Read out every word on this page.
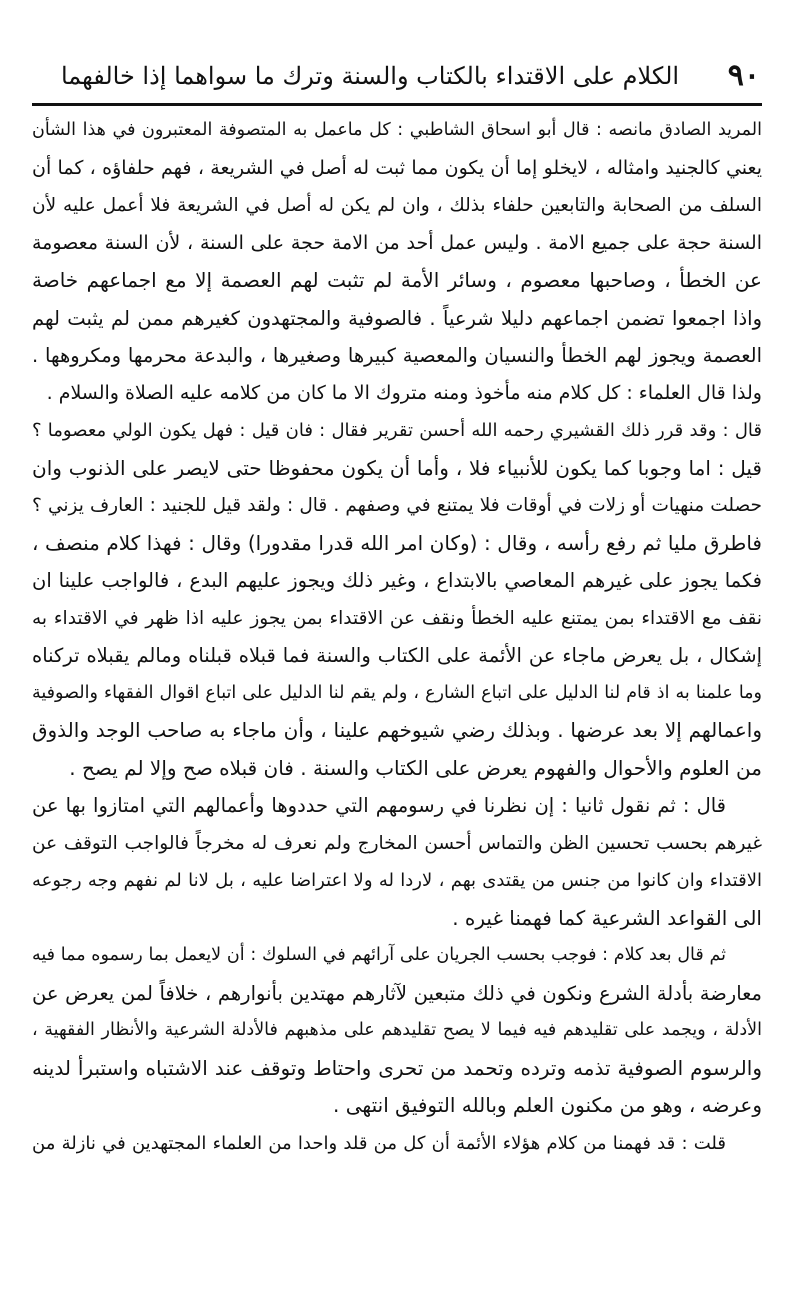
٩٠
الكلام على الاقتداء بالكتاب والسنة وترك ما سواهما إذا خالفهما
المريد الصادق مانصه : قال أبو اسحاق الشاطبي : كل ماعمل به المتصوفة المعتبرون في هذا الشأن
يعني كالجنيد وامثاله ، لايخلو إما أن يكون مما ثبت له أصل في الشريعة ، فهم حلفاؤه ، كما أن
السلف من الصحابة والتابعين حلفاء بذلك ، وان لم يكن له أصل في الشريعة فلا أعمل عليه لأن
السنة حجة على جميع الامة . وليس عمل أحد من الامة حجة على السنة ، لأن السنة معصومة
عن الخطأ ، وصاحبها معصوم ، وسائر الأمة لم تثبت لهم العصمة إلا مع اجماعهم خاصة
واذا اجمعوا تضمن اجماعهم دليلا شرعياً . فالصوفية والمجتهدون كغيرهم ممن لم يثبت لهم
العصمة ويجوز لهم الخطأ والنسيان والمعصية كبيرها وصغيرها ، والبدعة محرمها ومكروهها .
ولذا قال العلماء : كل كلام منه مأخوذ ومنه متروك الا ما كان من كلامه عليه الصلاة والسلام .
قال : وقد قرر ذلك القشيري رحمه الله أحسن تقرير فقال : فان قيل : فهل يكون الولي معصوما ؟
قيل : اما وجوبا كما يكون للأنبياء فلا ، وأما أن يكون محفوظا حتى لايصر على الذنوب وان
حصلت منهيات أو زلات في أوقات فلا يمتنع في وصفهم . قال : ولقد قيل للجنيد : العارف يزني ؟
فاطرق مليا ثم رفع رأسه ، وقال : (وكان امر الله قدرا مقدورا) وقال : فهذا كلام منصف ،
فكما يجوز على غيرهم المعاصي بالابتداع ، وغير ذلك ويجوز عليهم البدع ، فالواجب علينا ان
نقف مع الاقتداء بمن يمتنع عليه الخطأ ونقف عن الاقتداء بمن يجوز عليه اذا ظهر في الاقتداء به
إشكال ، بل يعرض ماجاء عن الأئمة على الكتاب والسنة فما قبلاه قبلناه ومالم يقبلاه تركناه
وما علمنا به اذ قام لنا الدليل على اتباع الشارع ، ولم يقم لنا الدليل على اتباع اقوال الفقهاء والصوفية
واعمالهم إلا بعد عرضها . وبذلك رضي شيوخهم علينا ، وأن ماجاء به صاحب الوجد والذوق
من العلوم والأحوال والفهوم يعرض على الكتاب والسنة . فان قبلاه صح وإلا لم يصح .
قال : ثم نقول ثانيا : إن نظرنا في رسومهم التي حددوها وأعمالهم التي امتازوا بها عن
غيرهم بحسب تحسين الظن والتماس أحسن المخارج ولم نعرف له مخرجاً فالواجب التوقف عن
الاقتداء وان كانوا من جنس من يقتدى بهم ، لاردا له ولا اعتراضا عليه ، بل لانا لم نفهم وجه رجوعه
الى القواعد الشرعية كما فهمنا غيره .
ثم قال بعد كلام : فوجب بحسب الجريان على آرائهم في السلوك : أن لايعمل بما رسموه مما فيه
معارضة بأدلة الشرع ونكون في ذلك متبعين لآثارهم مهتدين بأنوارهم ، خلافاً لمن يعرض عن
الأدلة ، ويجمد على تقليدهم فيه فيما لا يصح تقليدهم على مذهبهم فالأدلة الشرعية والأنظار الفقهية ،
والرسوم الصوفية تذمه وترده وتحمد من تحرى واحتاط وتوقف عند الاشتباه واستبرأ لدينه
وعرضه ، وهو من مكنون العلم وبالله التوفيق انتهى .
قلت : قد فهمنا من كلام هؤلاء الأئمة أن كل من قلد واحدا من العلماء المجتهدين في نازلة من
